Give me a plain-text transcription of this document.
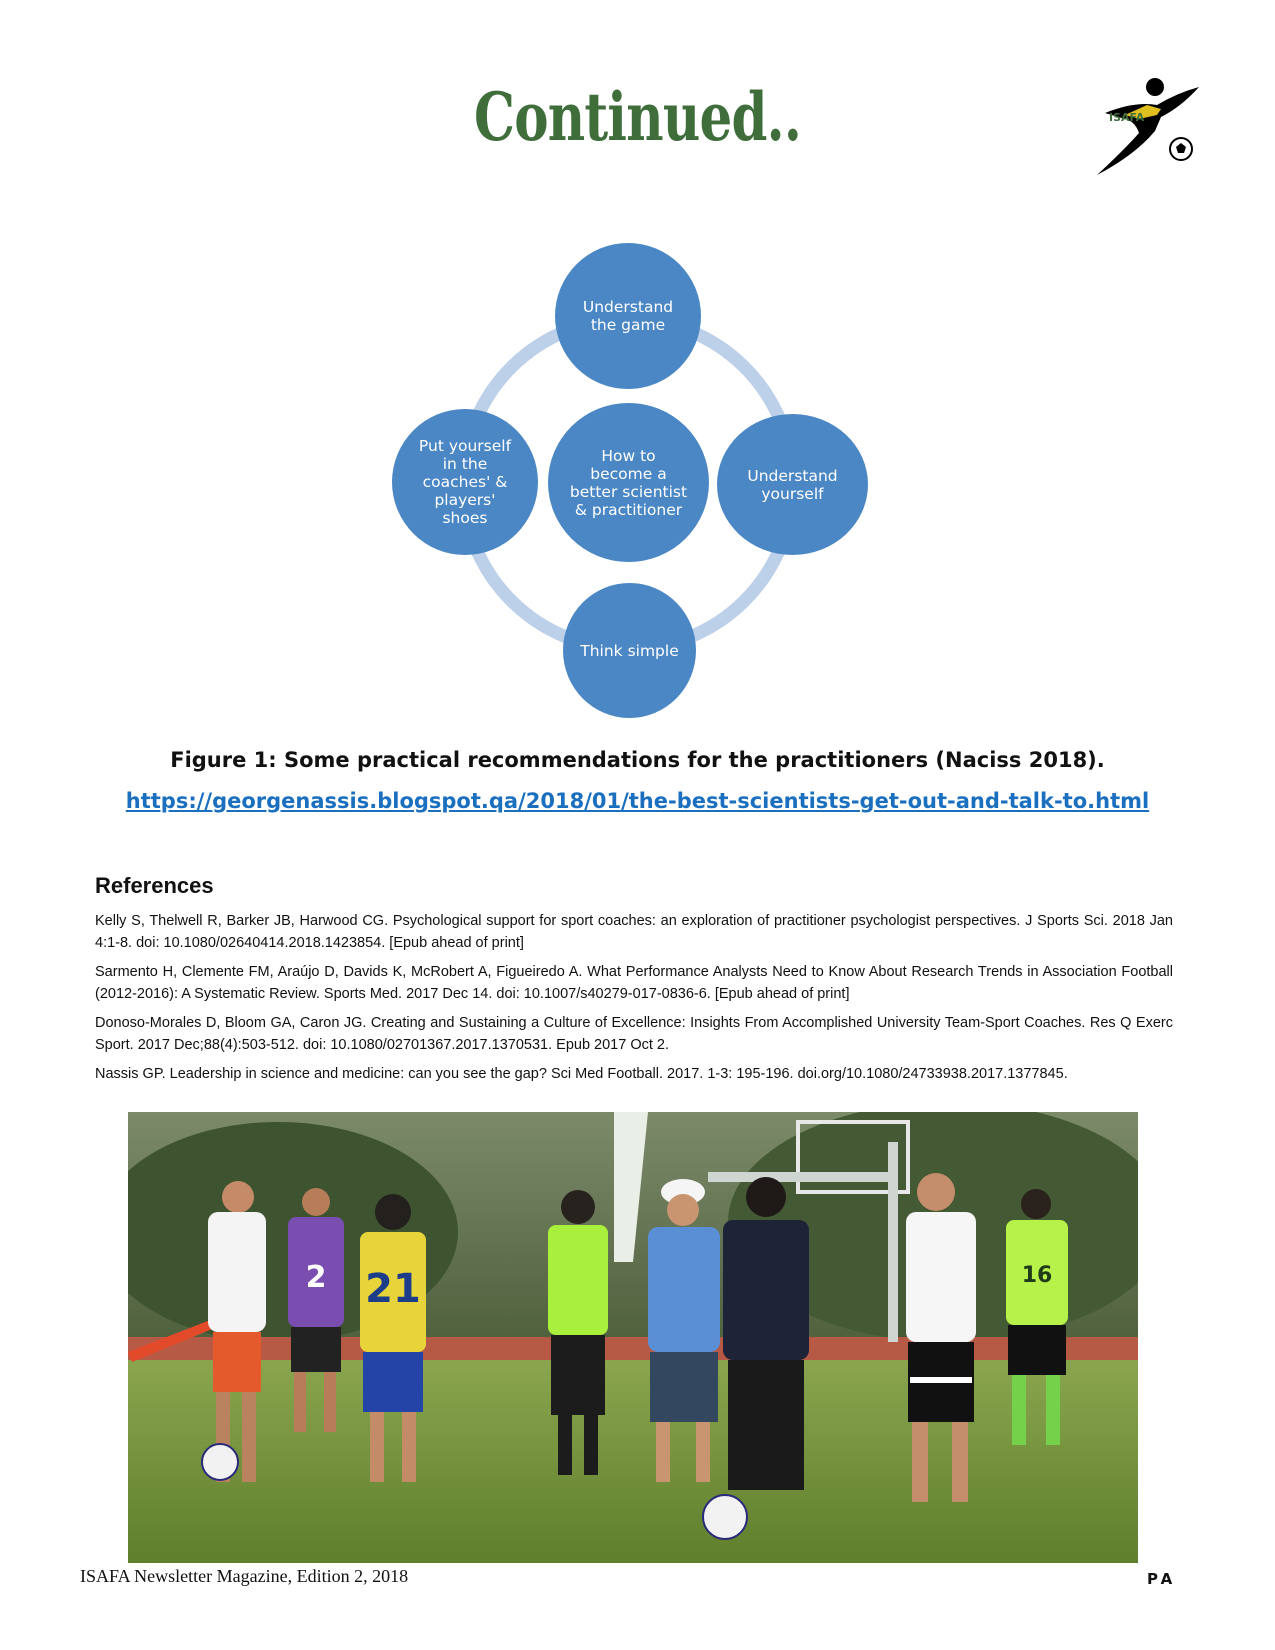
Continued..	ISAFA
Understand
the game
Understand
yourself
Think simple
Put yourself
in the
coaches' &
players'
shoes
How to
become a
better scientist
& practitioner
Figure 1: Some practical recommendations for the practitioners (Naciss 2018).
https://georgenassis.blogspot.qa/2018/01/the-best-scientists-get-out-and-talk-to.html
References

Kelly S, Thelwell R, Barker JB, Harwood CG. Psychological support for sport coaches: an exploration of practitioner psychologist perspectives. J Sports Sci. 2018 Jan 4:1-8. doi: 10.1080/02640414.2018.1423854. [Epub ahead of print]

Sarmento H, Clemente FM, Araújo D, Davids K, McRobert A, Figueiredo A. What Performance Analysts Need to Know About Research Trends in Association Football (2012-2016): A Systematic Review. Sports Med. 2017 Dec 14. doi: 10.1007/s40279-017-0836-6. [Epub ahead of print]

Donoso-Morales D, Bloom GA, Caron JG. Creating and Sustaining a Culture of Excellence: Insights From Accomplished University Team-Sport Coaches. Res Q Exerc Sport. 2017 Dec;88(4):503-512. doi: 10.1080/02701367.2017.1370531. Epub 2017 Oct 2.

Nassis GP. Leadership in science and medicine: can you see the gap? Sci Med Football. 2017. 1-3: 195-196. doi.org/10.1080/24733938.2017.1377845.

2 21	16
ISAFA Newsletter Magazine, Edition 2, 2018	PA
